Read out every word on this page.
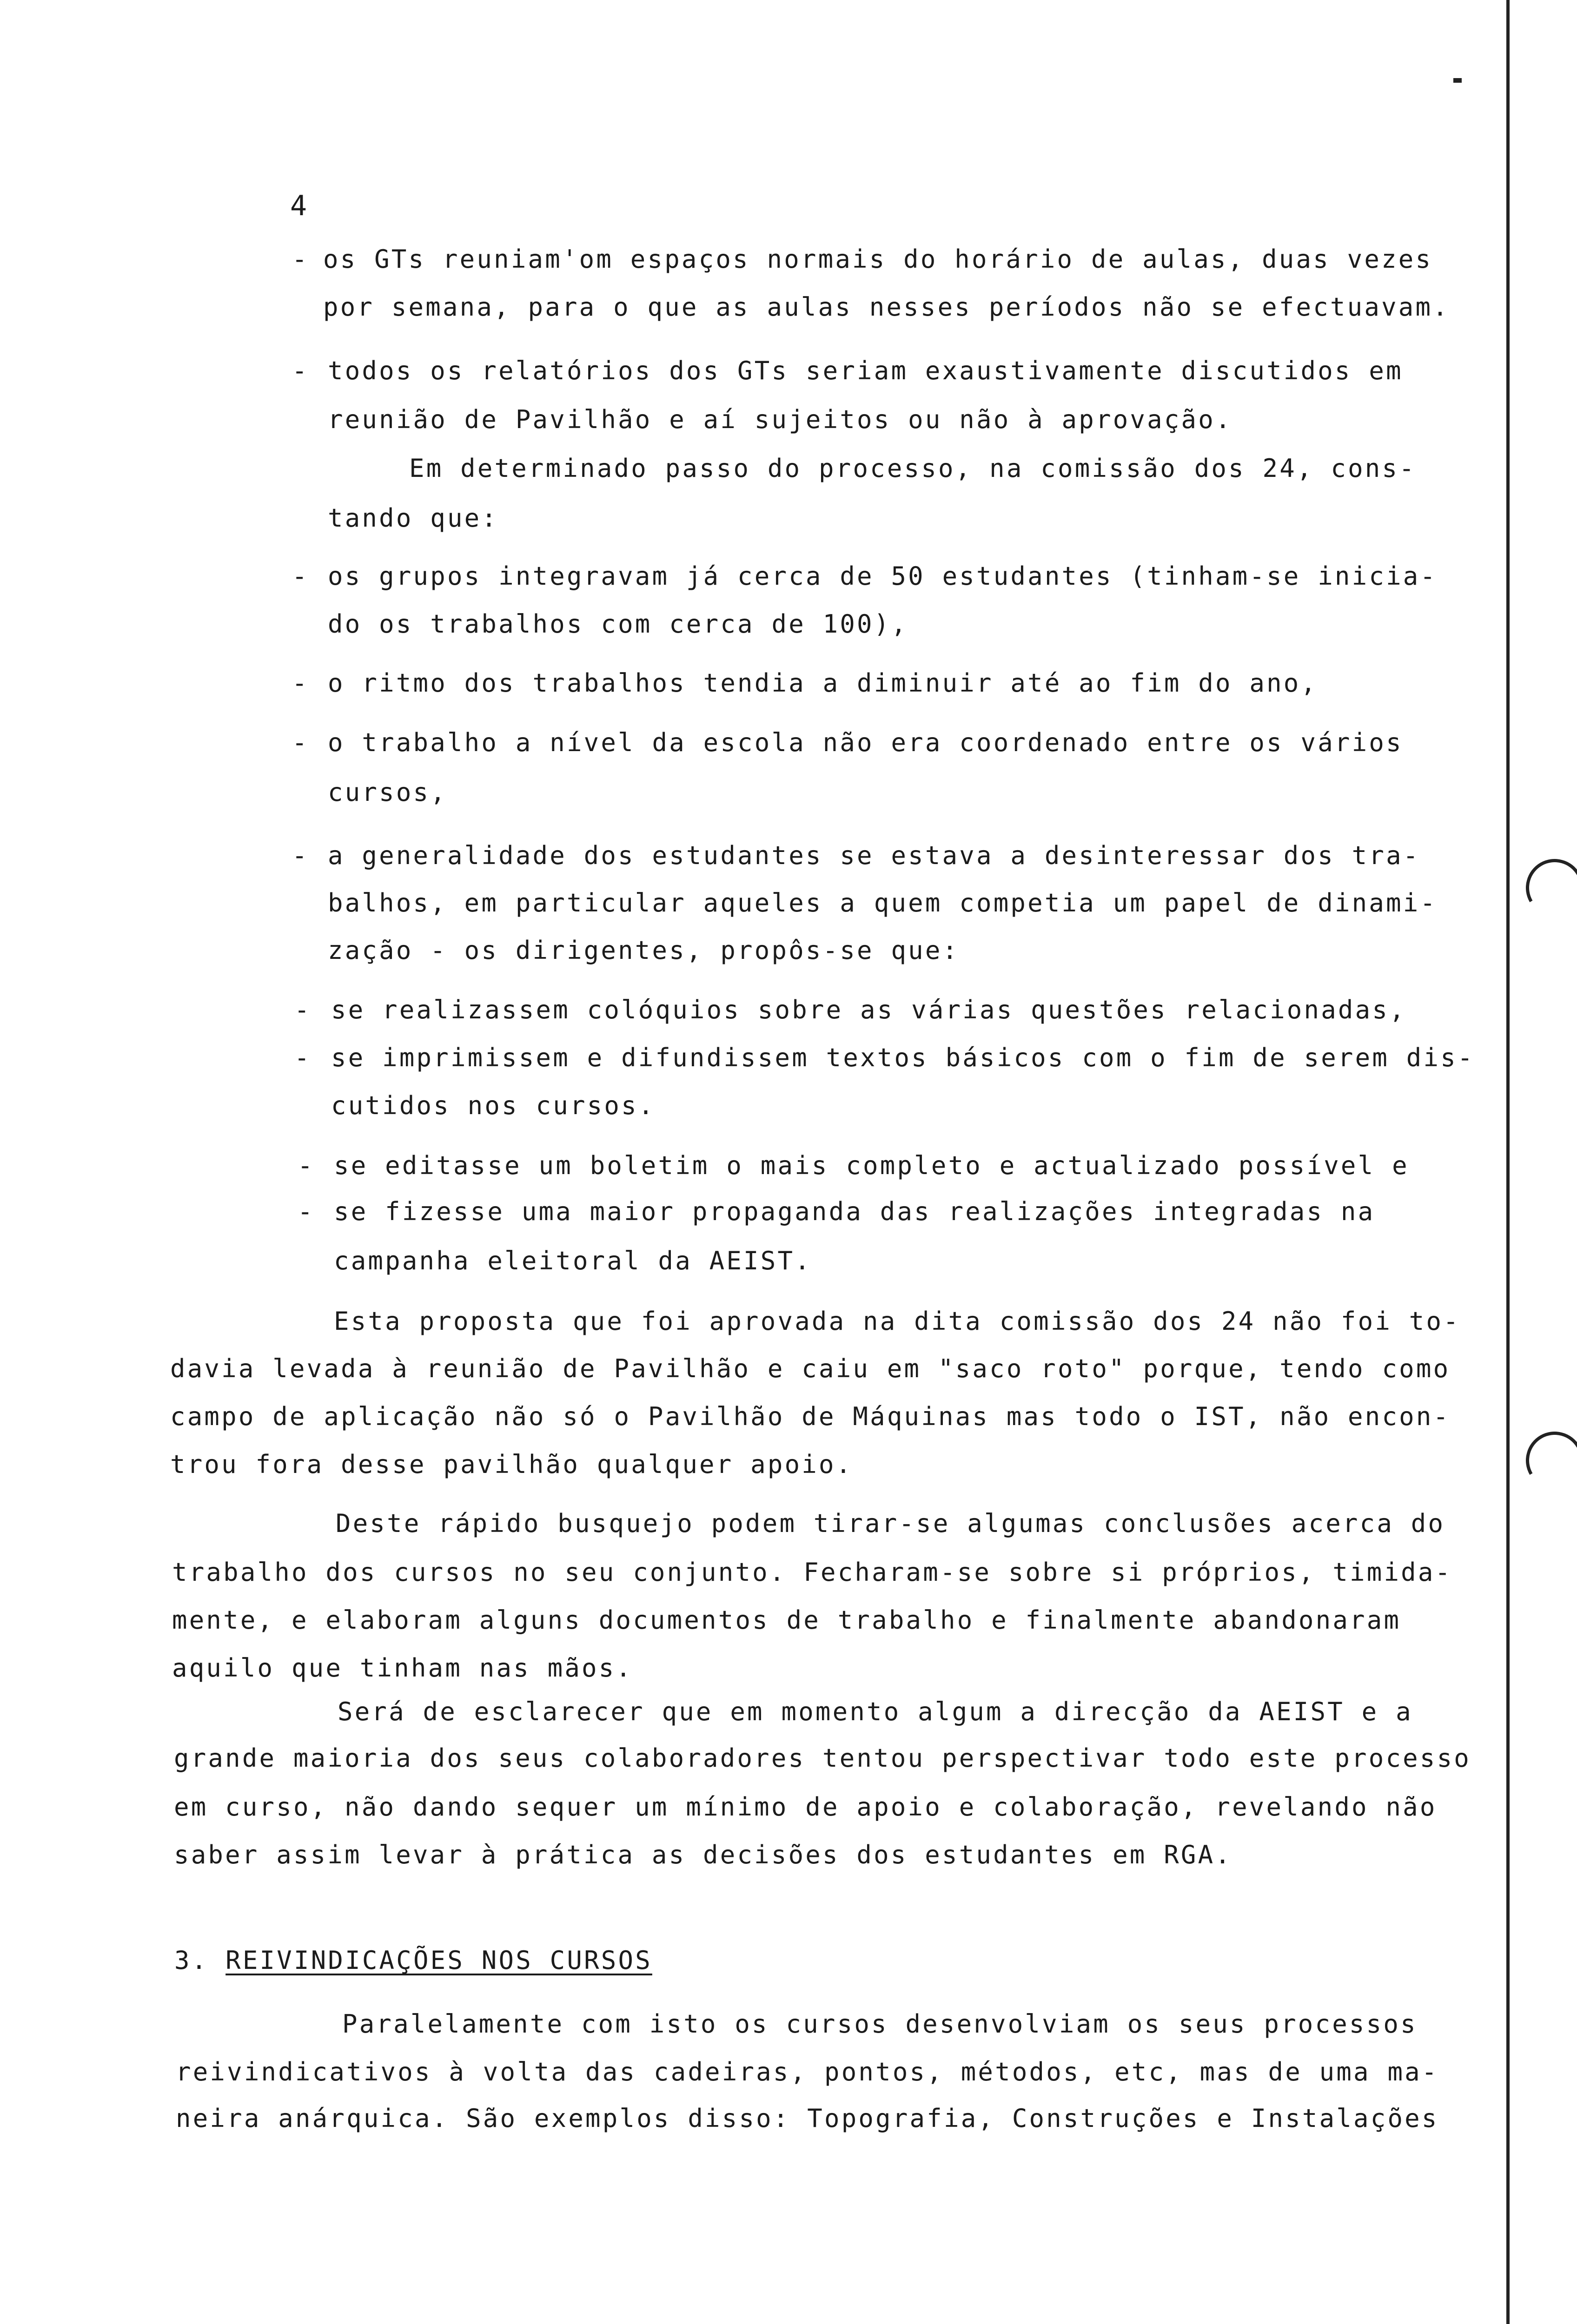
4
- os GTs reuniam'om espaços normais do horário de aulas, duas vezes
por semana, para o que as aulas nesses períodos não se efectuavam.
- todos os relatórios dos GTs seriam exaustivamente discutidos em
reunião de Pavilhão e aí sujeitos ou não à aprovação.
Em determinado passo do processo, na comissão dos 24, cons-
tando que:
- os grupos integravam já cerca de 50 estudantes (tinham-se inicia-
do os trabalhos com cerca de 100),
- o ritmo dos trabalhos tendia a diminuir até ao fim do ano,
- o trabalho a nível da escola não era coordenado entre os vários
cursos,
- a generalidade dos estudantes se estava a desinteressar dos tra-
balhos, em particular aqueles a quem competia um papel de dinami-
zação - os dirigentes, propôs-se que:
- se realizassem colóquios sobre as várias questões relacionadas,
- se imprimissem e difundissem textos básicos com o fim de serem dis-
cutidos nos cursos.
- se editasse um boletim o mais completo e actualizado possível e
- se fizesse uma maior propaganda das realizações integradas na
campanha eleitoral da AEIST.
Esta proposta que foi aprovada na dita comissão dos 24 não foi to-
davia levada à reunião de Pavilhão e caiu em "saco roto" porque, tendo como
campo de aplicação não só o Pavilhão de Máquinas mas todo o IST, não encon-
trou fora desse pavilhão qualquer apoio.
Deste rápido busquejo podem tirar-se algumas conclusões acerca do
trabalho dos cursos no seu conjunto. Fecharam-se sobre si próprios, timida-
mente, e elaboram alguns documentos de trabalho e finalmente abandonaram
aquilo que tinham nas mãos.
Será de esclarecer que em momento algum a direcção da AEIST e a
grande maioria dos seus colaboradores tentou perspectivar todo este processo
em curso, não dando sequer um mínimo de apoio e colaboração, revelando não
saber assim levar à prática as decisões dos estudantes em RGA.
3. REIVINDICAÇÕES NOS CURSOS
Paralelamente com isto os cursos desenvolviam os seus processos
reivindicativos à volta das cadeiras, pontos, métodos, etc, mas de uma ma-
neira anárquica. São exemplos disso: Topografia, Construções e Instalações
